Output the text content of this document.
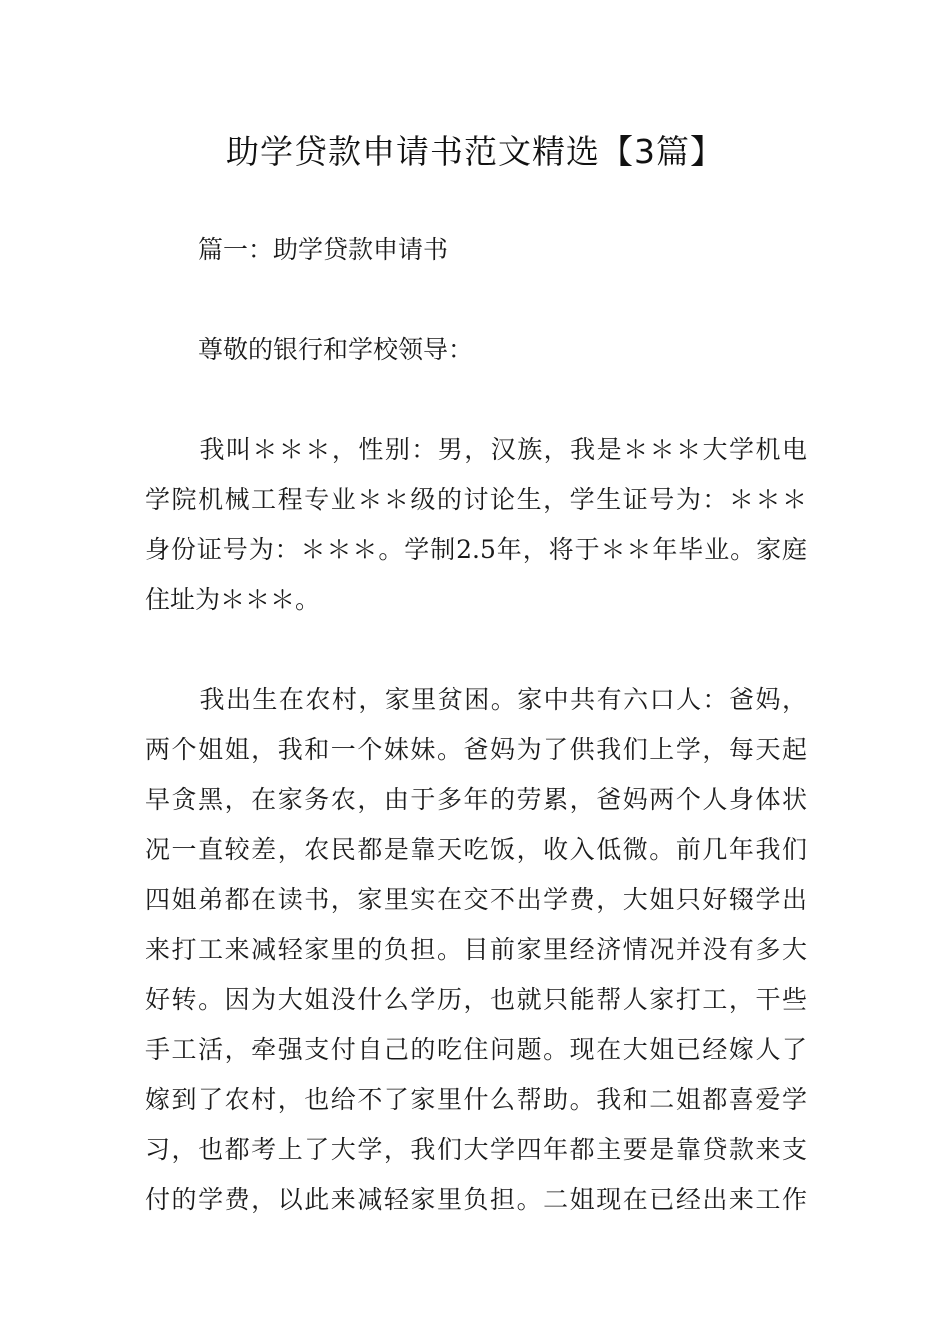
助学贷款申请书范文精选【3篇】

篇一：助学贷款申请书

尊敬的银行和学校领导：

我叫＊＊＊，性别：男，汉族，我是＊＊＊大学机电
学院机械工程专业＊＊级的讨论生，学生证号为：＊＊＊
身份证号为：＊＊＊。学制2.5年，将于＊＊年毕业。家庭
住址为＊＊＊。
我出生在农村，家里贫困。家中共有六口人：爸妈，
两个姐姐，我和一个妹妹。爸妈为了供我们上学，每天起
早贪黑，在家务农，由于多年的劳累，爸妈两个人身体状
况一直较差，农民都是靠天吃饭，收入低微。前几年我们
四姐弟都在读书，家里实在交不出学费，大姐只好辍学出
来打工来减轻家里的负担。目前家里经济情况并没有多大
好转。因为大姐没什么学历，也就只能帮人家打工，干些
手工活，牵强支付自己的吃住问题。现在大姐已经嫁人了
嫁到了农村，也给不了家里什么帮助。我和二姐都喜爱学
习，也都考上了大学，我们大学四年都主要是靠贷款来支
付的学费，以此来减轻家里负担。二姐现在已经出来工作
